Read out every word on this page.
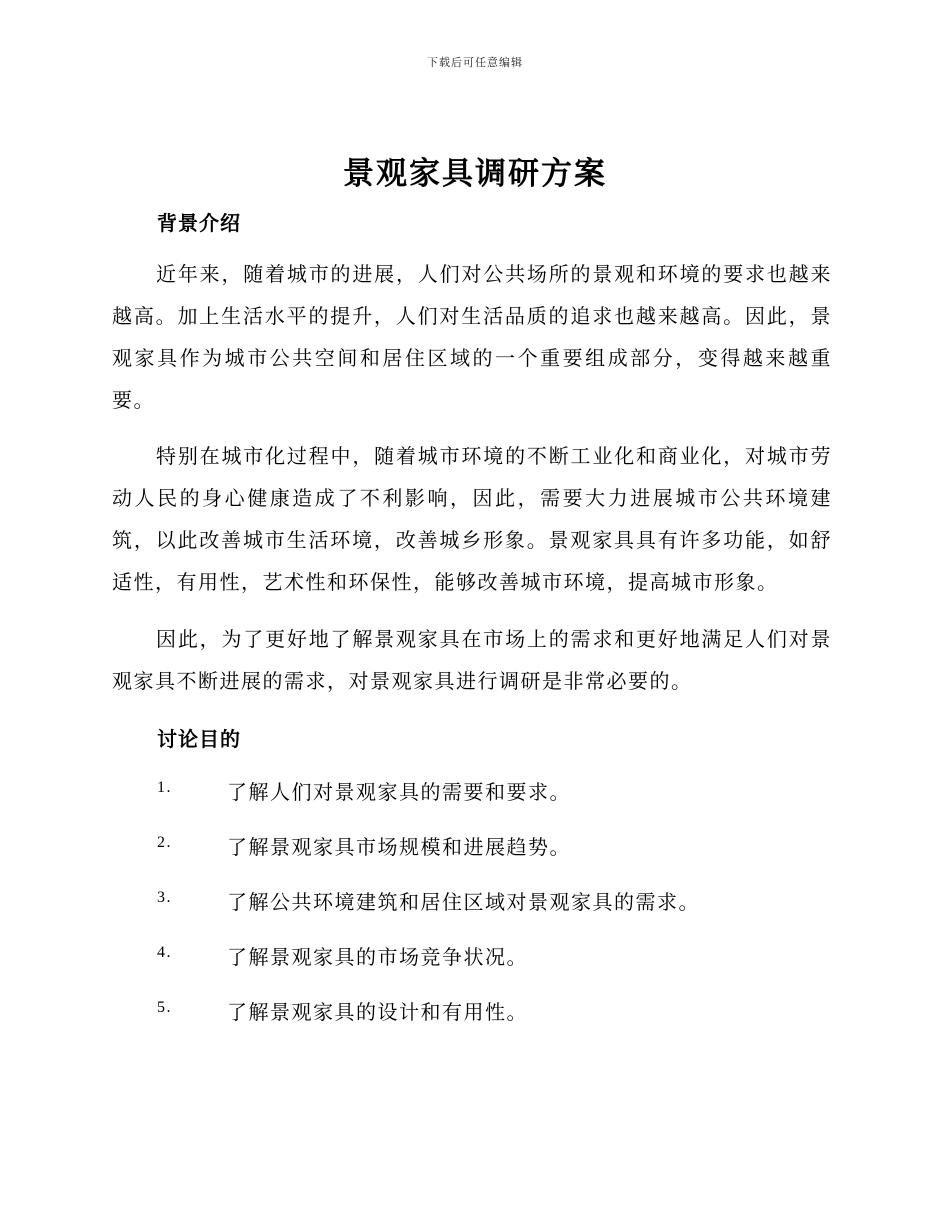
下载后可任意编辑
景观家具调研方案
背景介绍

近年来，随着城市的进展，人们对公共场所的景观和环境的要求也越来越高。加上生活水平的提升，人们对生活品质的追求也越来越高。因此，景观家具作为城市公共空间和居住区域的一个重要组成部分，变得越来越重要。

特别在城市化过程中，随着城市环境的不断工业化和商业化，对城市劳动人民的身心健康造成了不利影响，因此，需要大力进展城市公共环境建筑，以此改善城市生活环境，改善城乡形象。景观家具具有许多功能，如舒适性，有用性，艺术性和环保性，能够改善城市环境，提高城市形象。

因此，为了更好地了解景观家具在市场上的需求和更好地满足人们对景观家具不断进展的需求，对景观家具进行调研是非常必要的。

讨论目的
1.	了解人们对景观家具的需要和要求。
2.	了解景观家具市场规模和进展趋势。
3.	了解公共环境建筑和居住区域对景观家具的需求。
4.	了解景观家具的市场竞争状况。
5.	了解景观家具的设计和有用性。
